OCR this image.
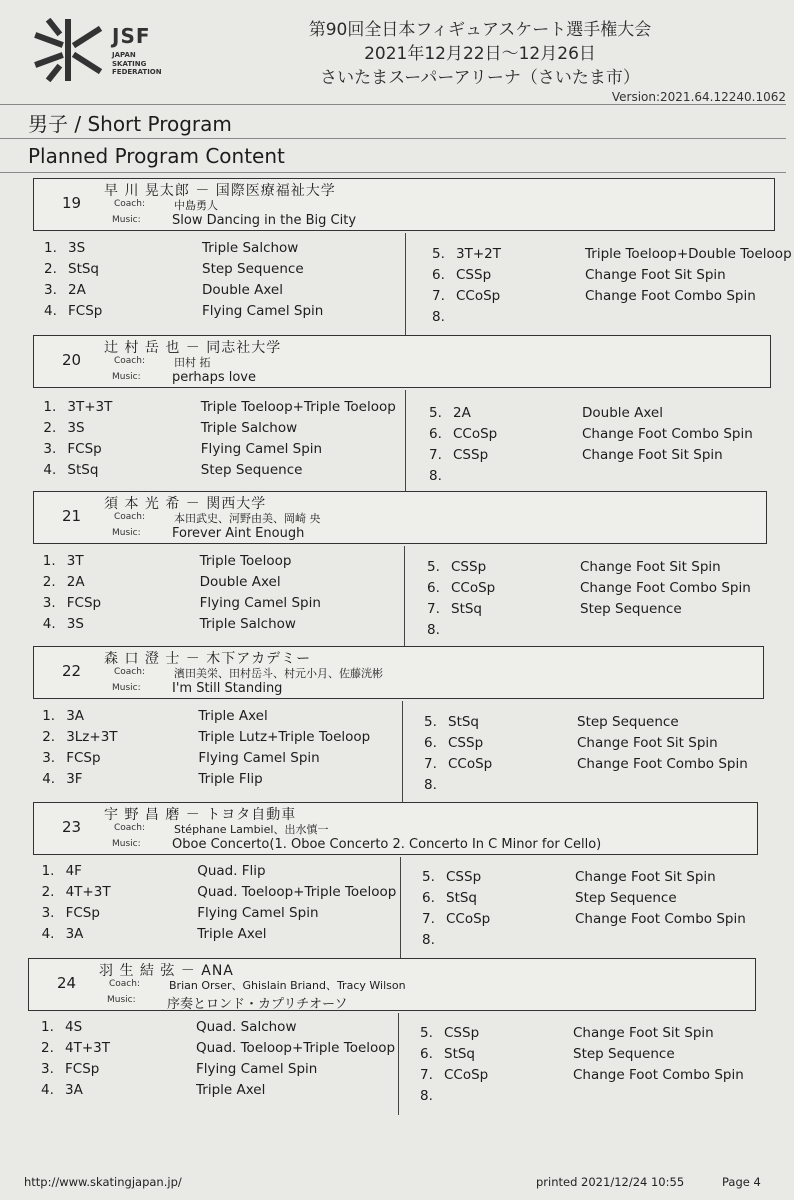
JSF
JAPAN
SKATING
FEDERATION
第90回全日本フィギュアスケート選手権大会
2021年12月22日～12月26日
さいたまスーパーアリーナ（さいたま市）
Version:2021.64.12240.1062
男子 / Short Program
Planned Program Content
19
早 川 晃太郎 － 国際医療福祉大学
Coach:	中島勇人
Music: Slow Dancing in the Big City
1. 3S	Triple Salchow
2. StSq	Step Sequence
3. 2A	Double Axel
4. FCSp	Flying Camel Spin
5. 3T+2T	Triple Toeloop+Double Toeloop
6. CSSp	Change Foot Sit Spin
7. CCoSp	Change Foot Combo Spin
8.
20
辻 村 岳 也 － 同志社大学
Coach:	田村 拓
Music: perhaps love
1. 3T+3T	Triple Toeloop+Triple Toeloop
2. 3S	Triple Salchow
3. FCSp	Flying Camel Spin
4. StSq	Step Sequence
5. 2A	Double Axel
6. CCoSp	Change Foot Combo Spin
7. CSSp	Change Foot Sit Spin
8.
21
須 本 光 希 － 関西大学
Coach:	本田武史、河野由美、岡崎 央
Music: Forever Aint Enough
1. 3T	Triple Toeloop
2. 2A	Double Axel
3. FCSp	Flying Camel Spin
4. 3S	Triple Salchow
5. CSSp	Change Foot Sit Spin
6. CCoSp	Change Foot Combo Spin
7. StSq	Step Sequence
8.
22
森 口 澄 士 － 木下アカデミー
Coach:	濱田美栄、田村岳斗、村元小月、佐藤洸彬
Music: I'm Still Standing
1. 3A	Triple Axel
2. 3Lz+3T	Triple Lutz+Triple Toeloop
3. FCSp	Flying Camel Spin
4. 3F	Triple Flip
5. StSq	Step Sequence
6. CSSp	Change Foot Sit Spin
7. CCoSp	Change Foot Combo Spin
8.
23
宇 野 昌 磨 － トヨタ自動車
Coach:	Stéphane Lambiel、出水慎一
Music: Oboe Concerto(1. Oboe Concerto 2. Concerto In C Minor for Cello)
1. 4F	Quad. Flip
2. 4T+3T	Quad. Toeloop+Triple Toeloop
3. FCSp	Flying Camel Spin
4. 3A	Triple Axel
5. CSSp	Change Foot Sit Spin
6. StSq	Step Sequence
7. CCoSp	Change Foot Combo Spin
8.
24
羽 生 結 弦 － ANA
Coach:	Brian Orser、Ghislain Briand、Tracy Wilson
Music: 序奏とロンド・カプリチオーソ
1. 4S	Quad. Salchow
2. 4T+3T	Quad. Toeloop+Triple Toeloop
3. FCSp	Flying Camel Spin
4. 3A	Triple Axel
5. CSSp	Change Foot Sit Spin
6. StSq	Step Sequence
7. CCoSp	Change Foot Combo Spin
8.
http://www.skatingjapan.jp/	printed 2021/12/24 10:55	Page 4
